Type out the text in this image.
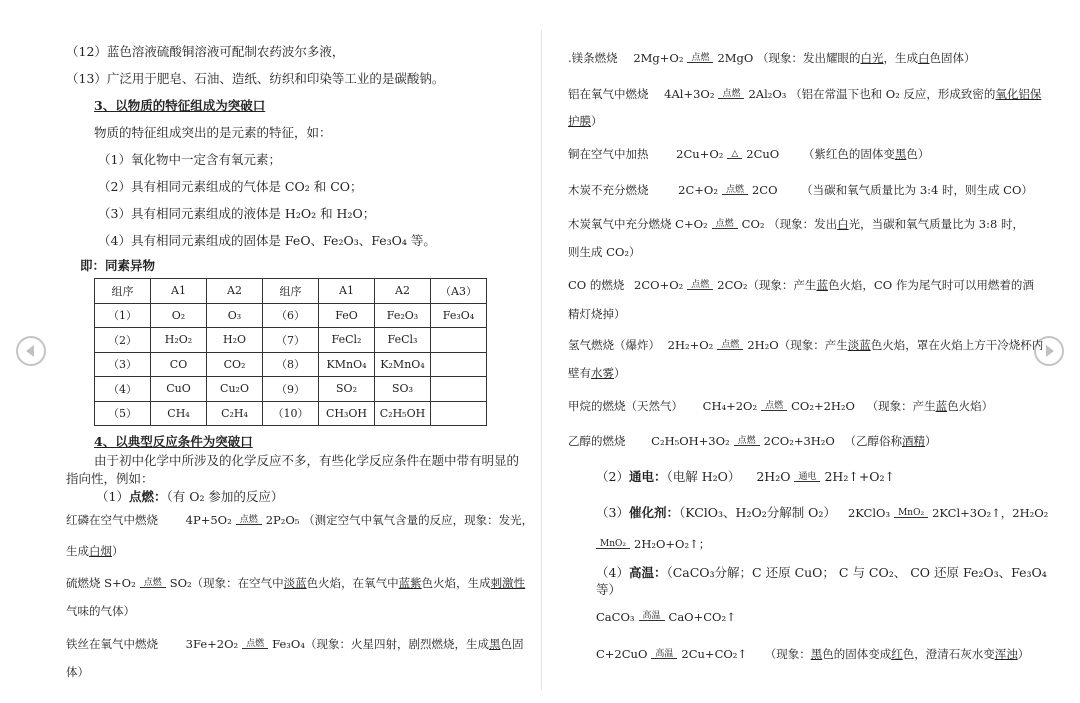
（12）蓝色溶液硫酸铜溶液可配制农药波尔多液，
（13）广泛用于肥皂、石油、造纸、纺织和印染等工业的是碳酸钠。
3、以物质的特征组成为突破口
物质的特征组成突出的是元素的特征，如：
（1）氧化物中一定含有氧元素；
（2）具有相同元素组成的气体是 CO₂ 和 CO；
（3）具有相同元素组成的液体是 H₂O₂ 和 H₂O；
（4）具有相同元素组成的固体是 FeO、Fe₂O₃、Fe₃O₄ 等。
即：同素异物
组序	A1	A2	组序	A1	A2	（A3）
（1）	O₂	O₃	（6）	FeO	Fe₂O₃	Fe₃O₄
（2）	H₂O₂	H₂O	（7）	FeCl₂	FeCl₃	
（3）	CO	CO₂	（8）	KMnO₄	K₂MnO₄	
（4）	CuO	Cu₂O	（9）	SO₂	SO₃	
（5）	CH₄	C₂H₄	（10）	CH₃OH	C₂H₅OH	
4、以典型反应条件为突破口
由于初中化学中所涉及的化学反应不多，有些化学反应条件在题中带有明显的
指向性，例如：
（1）点燃：（有 O₂ 参加的反应）
红磷在空气中燃烧 4P+5O₂ 点燃 2P₂O₅ （测定空气中氧气含量的反应，现象：发光，
生成白烟）
硫燃烧 S+O₂ 点燃 SO₂（现象：在空气中淡蓝色火焰，在氧气中蓝紫色火焰，生成刺激性
气味的气体）
铁丝在氧气中燃烧 3Fe+2O₂ 点燃 Fe₃O₄（现象：火星四射，剧烈燃烧，生成黑色固
体）
.镁条燃烧 2Mg+O₂ 点燃 2MgO （现象：发出耀眼的白光，生成白色固体）
铝在氧气中燃烧 4Al+3O₂ 点燃 2Al₂O₃ （铝在常温下也和 O₂ 反应，形成致密的氧化铝保
护膜）
铜在空气中加热 2Cu+O₂ △ 2CuO （紫红色的固体变黑色）
木炭不充分燃烧	2C+O₂ 点燃 2CO （当碳和氧气质量比为 3:4 时，则生成 CO）
木炭氧气中充分燃烧 C+O₂ 点燃 CO₂ （现象：发出白光，当碳和氧气质量比为 3:8 时，
则生成 CO₂）
CO 的燃烧 2CO+O₂ 点燃 2CO₂（现象：产生蓝色火焰，CO 作为尾气时可以用燃着的酒
精灯烧掉）
氢气燃烧（爆炸） 2H₂+O₂ 点燃 2H₂O（现象：产生淡蓝色火焰，罩在火焰上方干冷烧杯内
壁有水雾）
甲烷的燃烧（天然气） CH₄+2O₂ 点燃 CO₂+2H₂O （现象：产生蓝色火焰）
乙醇的燃烧 C₂H₅OH+3O₂ 点燃 2CO₂+3H₂O （乙醇俗称酒精）
（2）通电：（电解 H₂O） 2H₂O 通电 2H₂↑+O₂↑
（3）催化剂：（KClO₃、H₂O₂分解制 O₂） 2KClO₃ MnO₂ 2KCl+3O₂↑，2H₂O₂
MnO₂ 2H₂O+O₂↑；
（4）高温：（CaCO₃分解；C 还原 CuO； C 与 CO₂、 CO 还原 Fe₂O₃、Fe₃O₄
等）
CaCO₃ 高温 CaO+CO₂↑
C+2CuO 高温 2Cu+CO₂↑ （现象：黑色的固体变成红色，澄清石灰水变浑浊）
